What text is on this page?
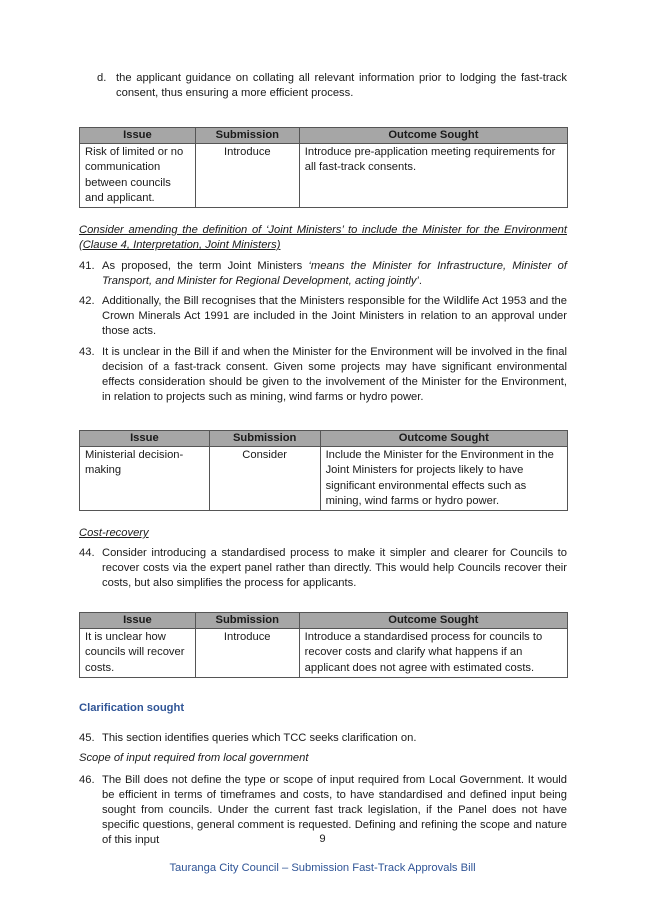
d. the applicant guidance on collating all relevant information prior to lodging the fast-track consent, thus ensuring a more efficient process.

Issue	Submission	Outcome Sought
Risk of limited or no communication between councils and applicant.	Introduce	Introduce pre-application meeting requirements for all fast-track consents.

Consider amending the definition of ‘Joint Ministers’ to include the Minister for the Environment (Clause 4, Interpretation, Joint Ministers)

41. As proposed, the term Joint Ministers ‘means the Minister for Infrastructure, Minister of Transport, and Minister for Regional Development, acting jointly’.

42. Additionally, the Bill recognises that the Ministers responsible for the Wildlife Act 1953 and the Crown Minerals Act 1991 are included in the Joint Ministers in relation to an approval under those acts.

43. It is unclear in the Bill if and when the Minister for the Environment will be involved in the final decision of a fast-track consent. Given some projects may have significant environmental effects consideration should be given to the involvement of the Minister for the Environment, in relation to projects such as mining, wind farms or hydro power.

Issue	Submission	Outcome Sought
Ministerial decision-making	Consider	Include the Minister for the Environment in the Joint Ministers for projects likely to have significant environmental effects such as mining, wind farms or hydro power.

Cost-recovery

44. Consider introducing a standardised process to make it simpler and clearer for Councils to recover costs via the expert panel rather than directly. This would help Councils recover their costs, but also simplifies the process for applicants.

Issue	Submission	Outcome Sought
It is unclear how councils will recover costs.	Introduce	Introduce a standardised process for councils to recover costs and clarify what happens if an applicant does not agree with estimated costs.

Clarification sought

45. This section identifies queries which TCC seeks clarification on.

Scope of input required from local government

46. The Bill does not define the type or scope of input required from Local Government. It would be efficient in terms of timeframes and costs, to have standardised and defined input being sought from councils. Under the current fast track legislation, if the Panel does not have specific questions, general comment is requested. Defining and refining the scope and nature of this input	9

Tauranga City Council – Submission Fast-Track Approvals Bill
